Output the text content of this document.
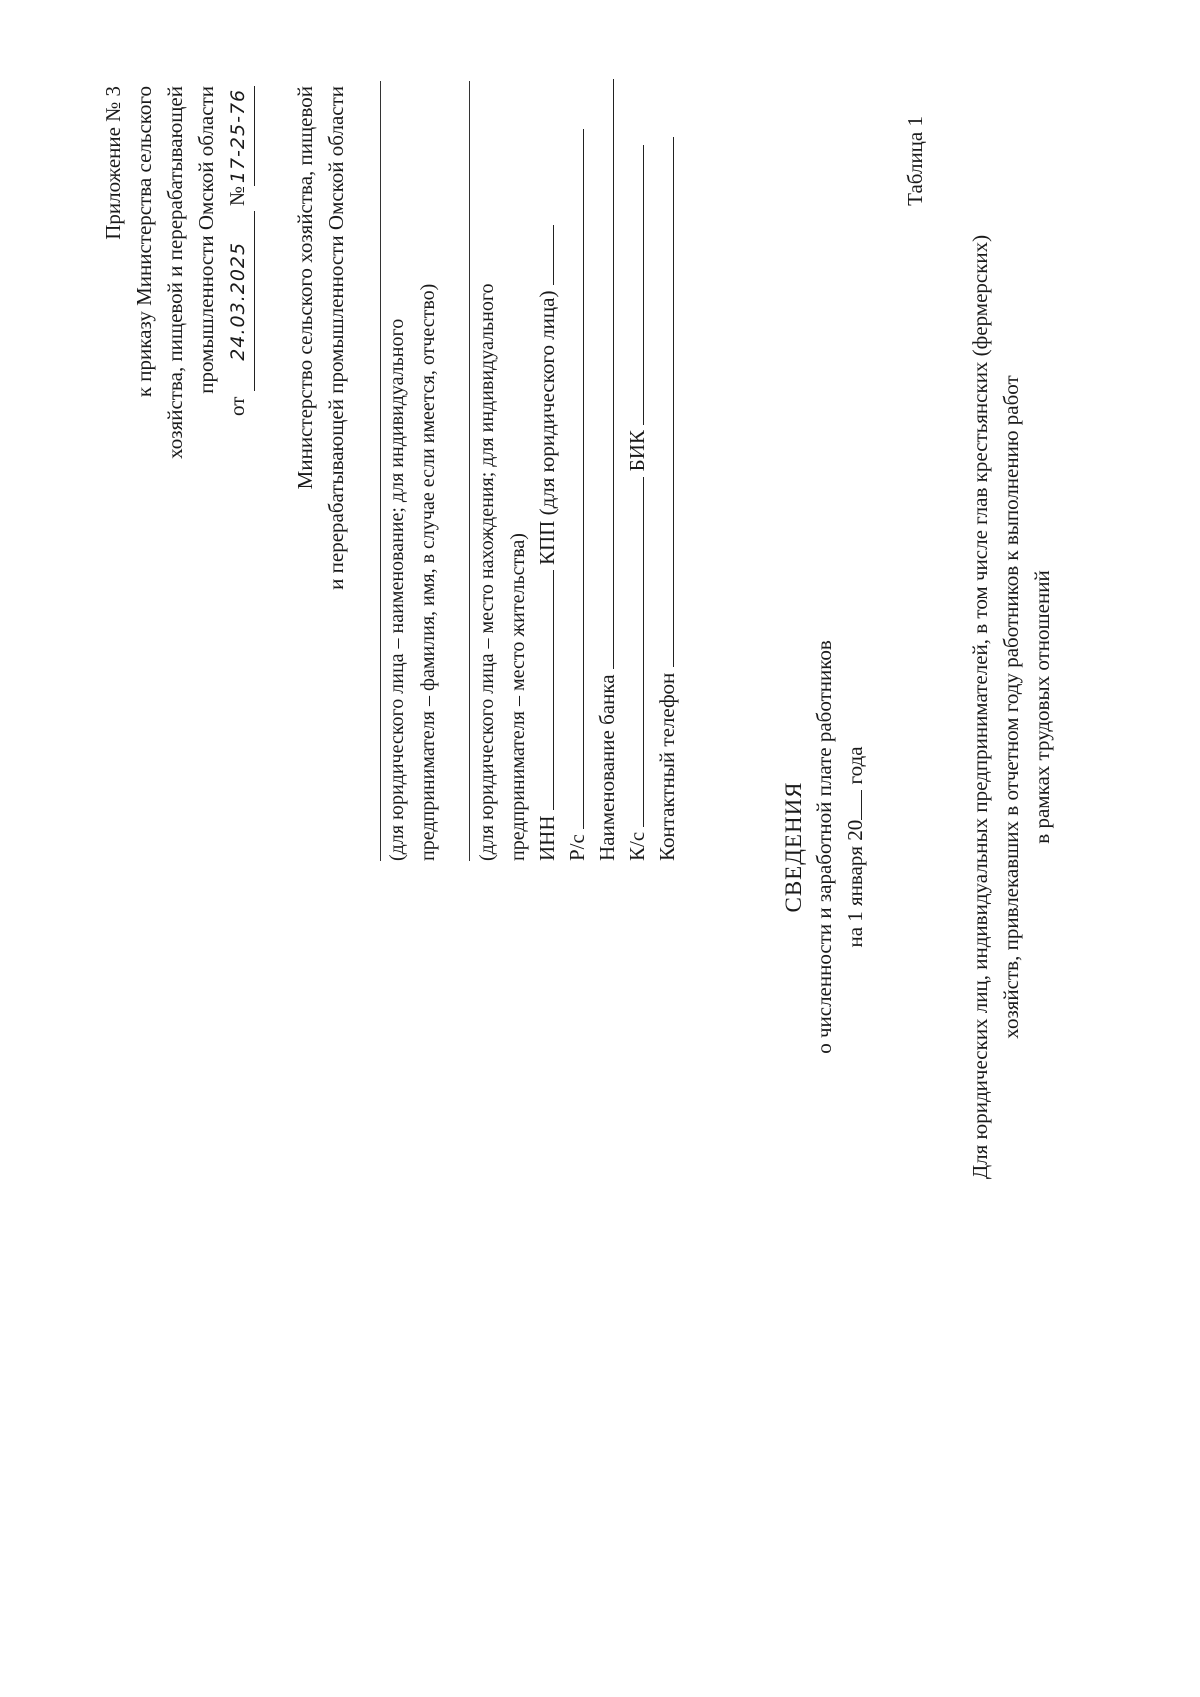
Приложение № 3 к приказу Министерства сельского хозяйства, пищевой и перерабатывающей промышленности Омской области
от 24.03.2025 №17-25-76 Министерство сельского хозяйства, пищевой и перерабатывающей промышленности Омской области (для юридического лица – наименование; для индивидуального предпринимателя – фамилия, имя, в случае если имеется, отчество) (для юридического лица – место нахождения; для индивидуального предпринимателя – место жительства) ИНН  КПП (для юридического лица)
Р/с Наименование банка К/с  БИК
Контактный телефон	СВЕДЕНИЯ о численности и заработной плате работников на 1 января 20 года
Таблица 1
Для юридических лиц, индивидуальных предпринимателей, в том числе глав крестьянских (фермерских) хозяйств, привлекавших в отчетном году работников к выполнению работ в рамках трудовых отношений
